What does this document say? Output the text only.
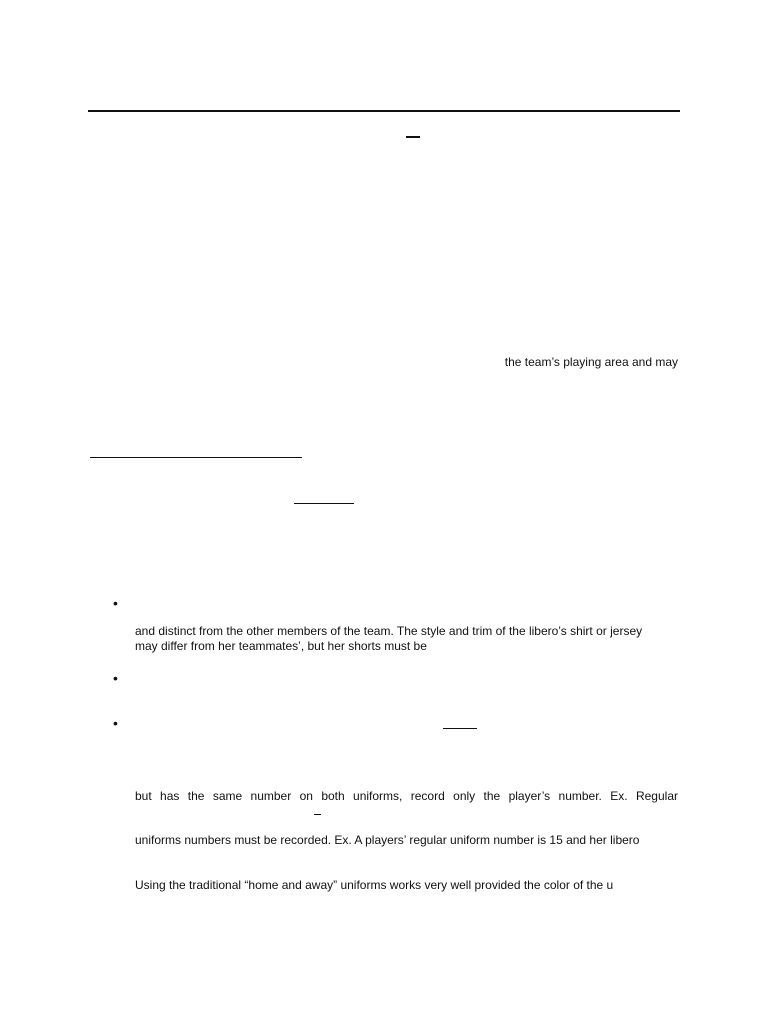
the team’s playing area and may
•
and distinct from the other members of the team. The style and trim of the libero’s shirt or jersey
may differ from her teammates’, but her shorts must be
•
•
but has the same number on both uniforms, record only the player’s number. Ex. Regular
uniforms numbers must be recorded. Ex. A players’ regular uniform number is 15 and her libero
Using the traditional “home and away” uniforms works very well provided the color of the u
